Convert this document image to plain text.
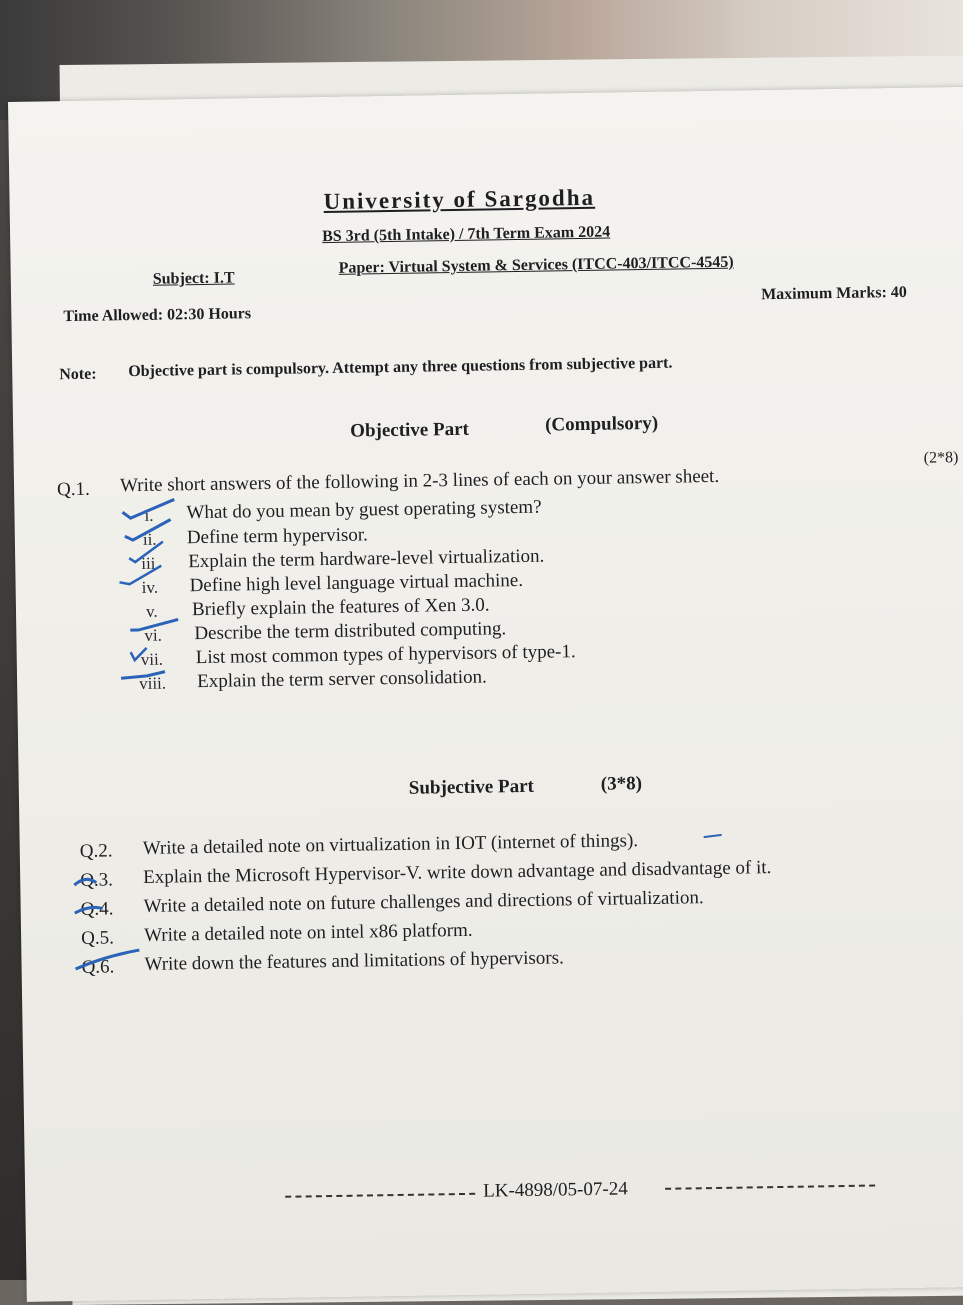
University of Sargodha
BS 3rd (5th Intake) / 7th Term Exam 2024
Subject: I.T
Paper: Virtual System & Services (ITCC-403/ITCC-4545)
Time Allowed: 02:30 Hours
Maximum Marks: 40
Note: Objective part is compulsory. Attempt any three questions from subjective part.
Objective Part	(Compulsory)
Q.1. Write short answers of the following in 2-3 lines of each on your answer sheet.
(2*8)
i. What do you mean by guest operating system?
ii. Define term hypervisor.
iii. Explain the term hardware-level virtualization.
iv. Define high level language virtual machine.
v. Briefly explain the features of Xen 3.0.
vi. Describe the term distributed computing.
vii. List most common types of hypervisors of type-1.
viii. Explain the term server consolidation.
Subjective Part	(3*8)
Q.2. Write a detailed note on virtualization in IOT (internet of things).
Q.3. Explain the Microsoft Hypervisor-V. write down advantage and disadvantage of it.
Q.4. Write a detailed note on future challenges and directions of virtualization.
Q.5. Write a detailed note on intel x86 platform.
Q.6. Write down the features and limitations of hypervisors.
LK-4898/05-07-24
